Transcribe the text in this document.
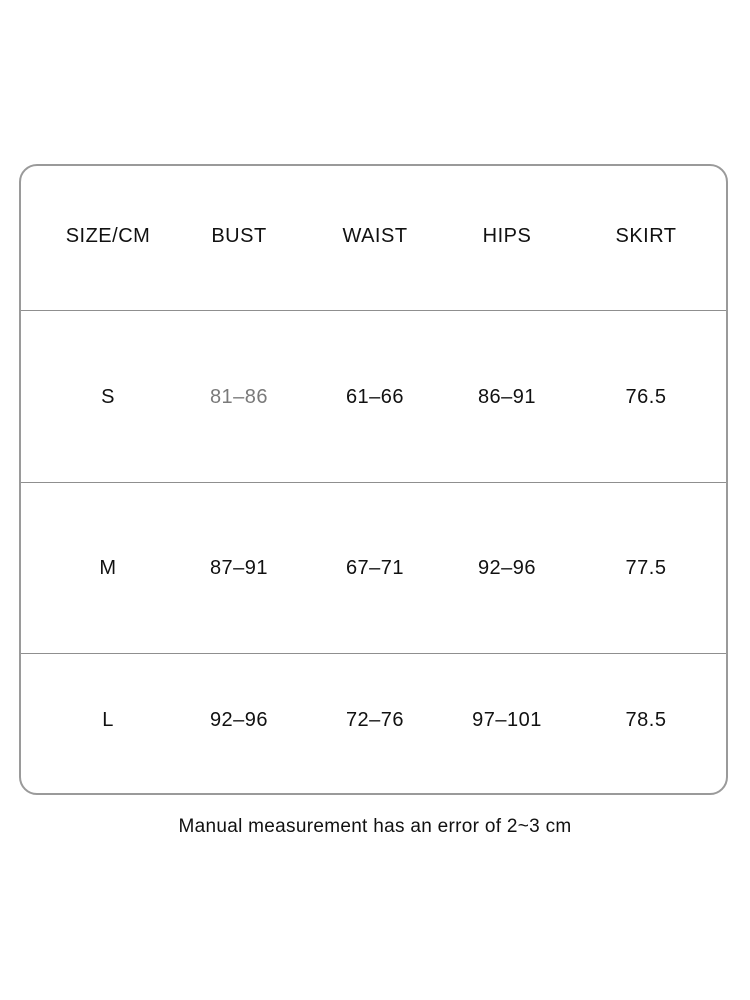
SIZE/CM	BUST	WAIST	HIPS	SKIRT
S	81–86	61–66	86–91	76.5
M	87–91	67–71	92–96	77.5
L	92–96	72–76	97–101	78.5
Manual measurement has an error of 2~3 cm
